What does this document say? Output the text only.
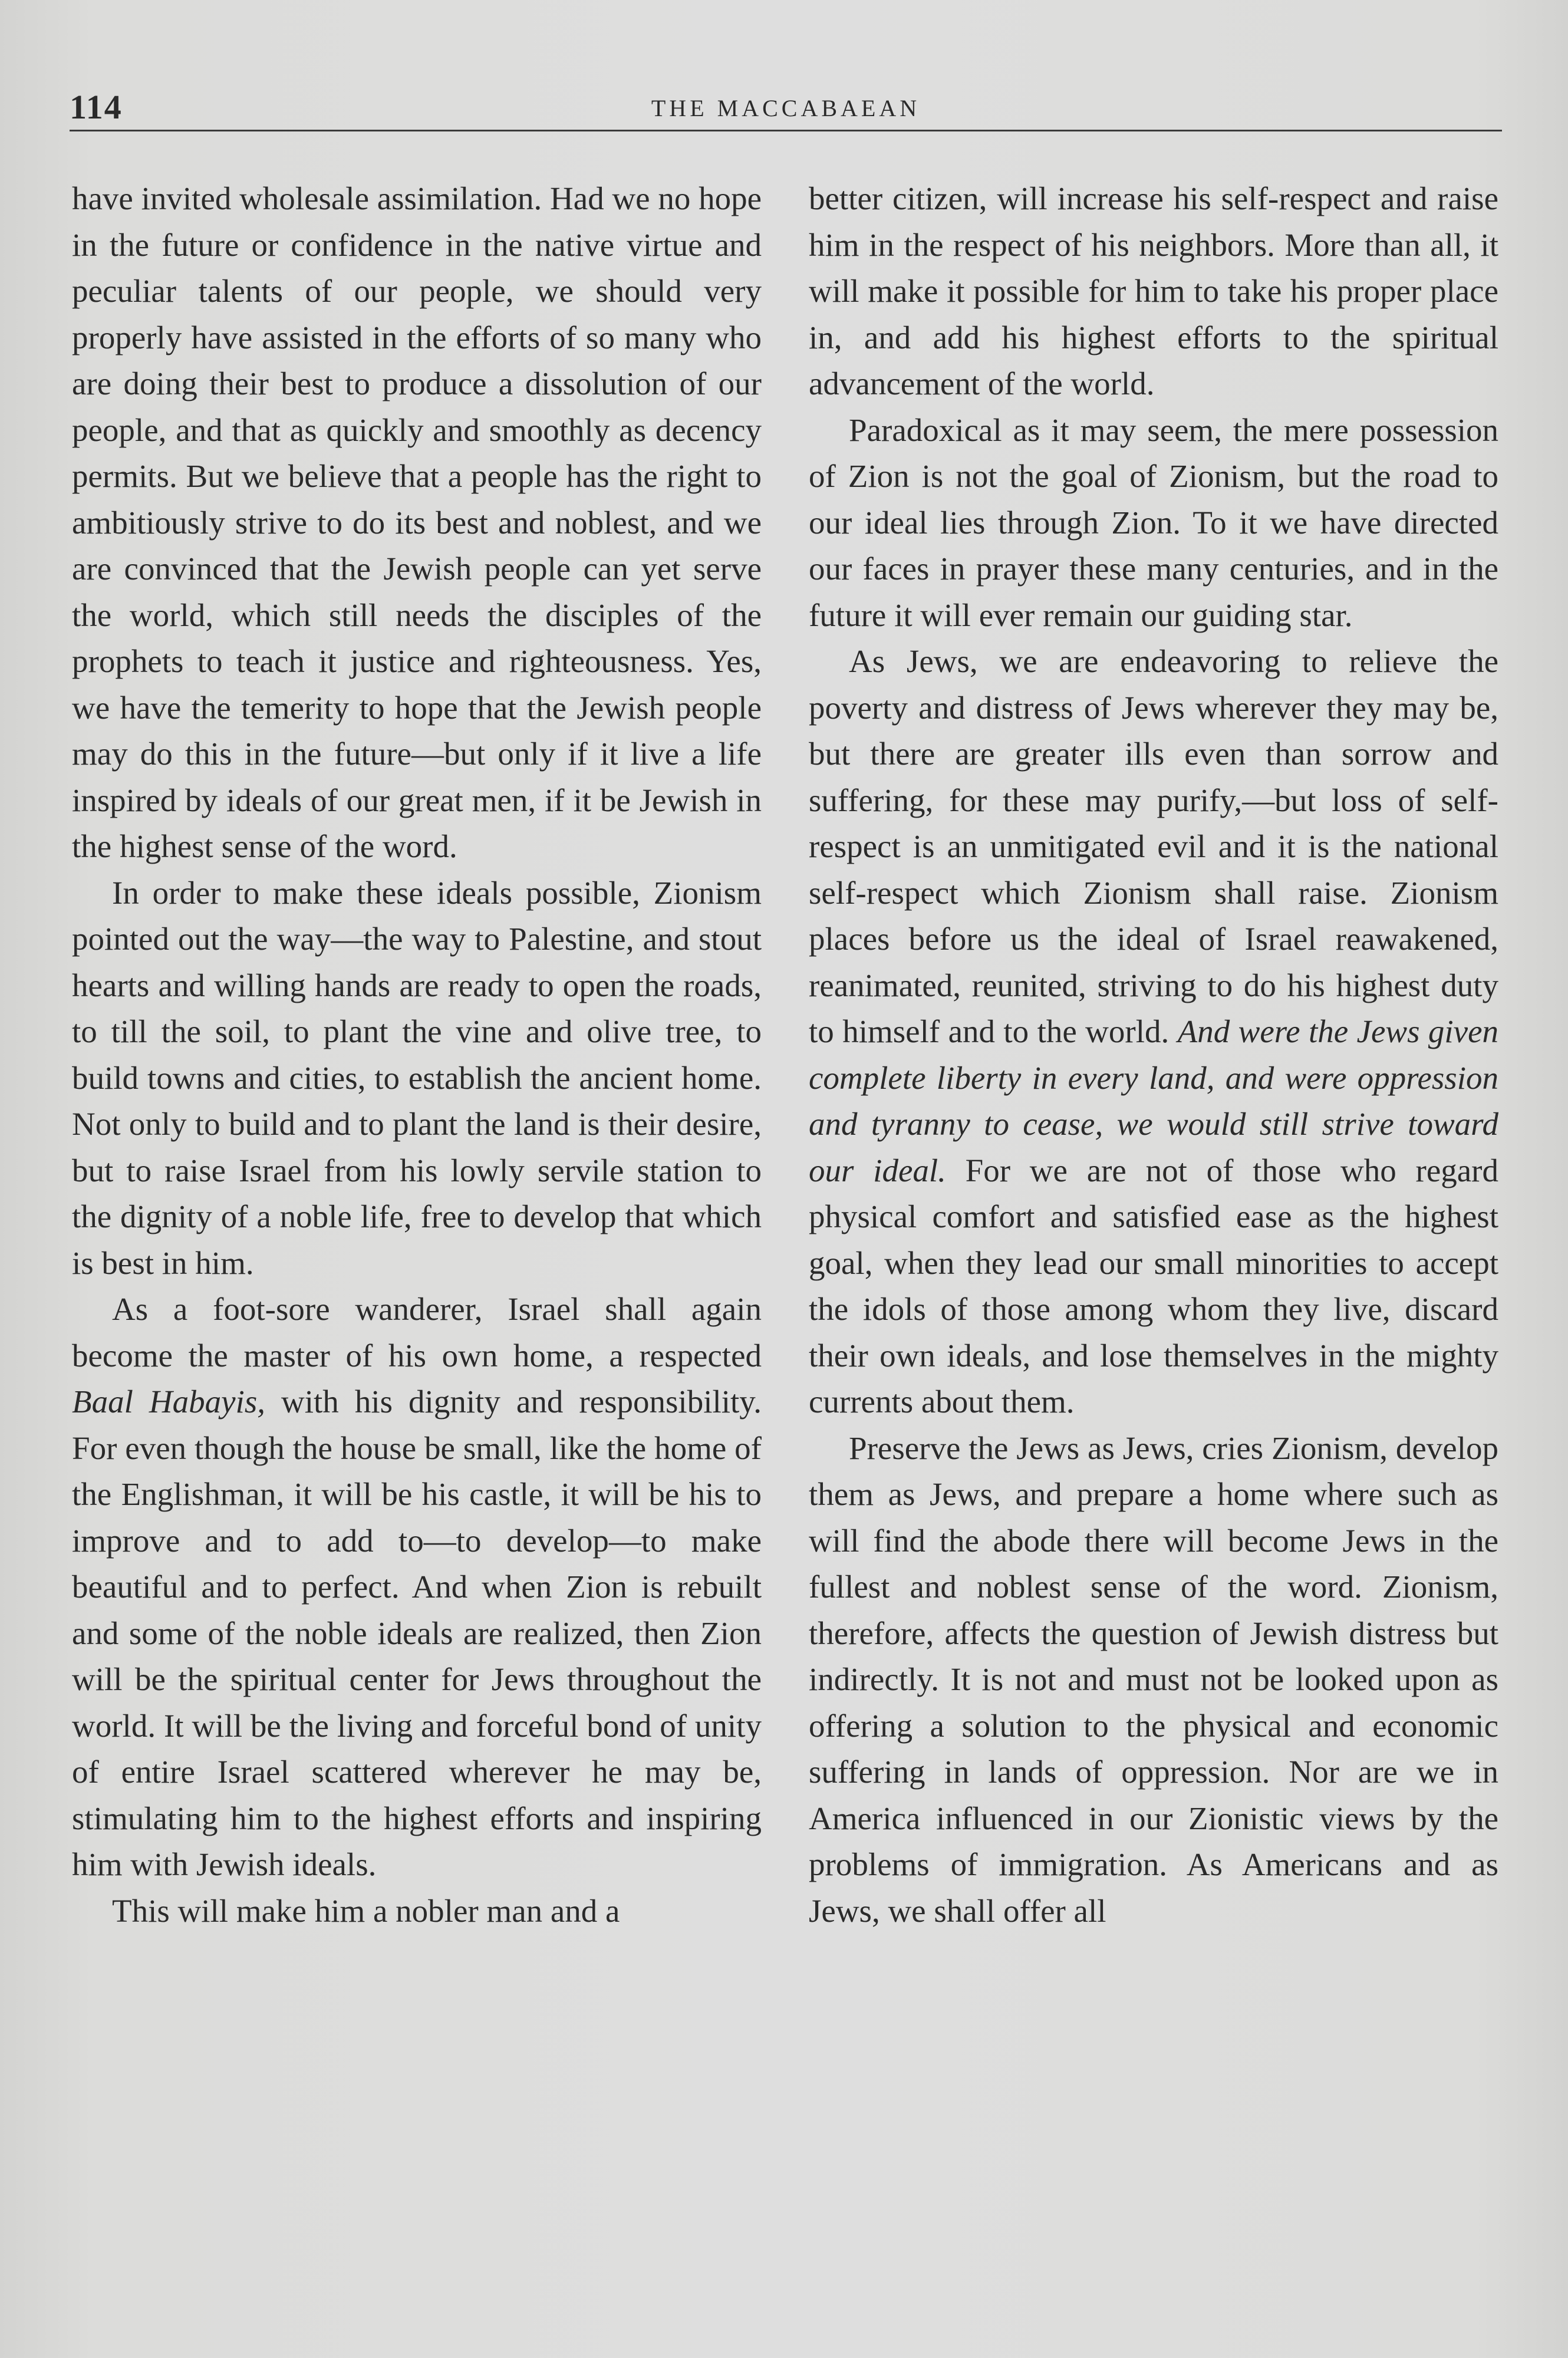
114	THE MACCABAEAN

have invited wholesale assimilation. Had we no hope in the future or confidence in the native virtue and peculiar talents of our people, we should very properly have assisted in the efforts of so many who are doing their best to produce a dissolution of our people, and that as quickly and smoothly as decency permits. But we believe that a people has the right to ambitiously strive to do its best and noblest, and we are convinced that the Jewish people can yet serve the world, which still needs the disciples of the prophets to teach it justice and righteousness. Yes, we have the temerity to hope that the Jewish people may do this in the future—but only if it live a life inspired by ideals of our great men, if it be Jewish in the highest sense of the word.

In order to make these ideals possible, Zionism pointed out the way—the way to Palestine, and stout hearts and willing hands are ready to open the roads, to till the soil, to plant the vine and olive tree, to build towns and cities, to establish the ancient home. Not only to build and to plant the land is their desire, but to raise Israel from his lowly servile station to the dignity of a noble life, free to develop that which is best in him.

As a foot-sore wanderer, Israel shall again become the master of his own home, a respected Baal Habayis, with his dignity and responsibility. For even though the house be small, like the home of the Englishman, it will be his castle, it will be his to improve and to add to—to develop—to make beautiful and to perfect. And when Zion is rebuilt and some of the noble ideals are realized, then Zion will be the spiritual center for Jews throughout the world. It will be the living and forceful bond of unity of entire Israel scattered wherever he may be, stimulating him to the highest efforts and inspiring him with Jewish ideals.

This will make him a nobler man and a

better citizen, will increase his self-respect and raise him in the respect of his neighbors. More than all, it will make it possible for him to take his proper place in, and add his highest efforts to the spiritual advancement of the world.

Paradoxical as it may seem, the mere possession of Zion is not the goal of Zionism, but the road to our ideal lies through Zion. To it we have directed our faces in prayer these many centuries, and in the future it will ever remain our guiding star.

As Jews, we are endeavoring to relieve the poverty and distress of Jews wherever they may be, but there are greater ills even than sorrow and suffering, for these may purify,—but loss of self-respect is an unmitigated evil and it is the national self-respect which Zionism shall raise. Zionism places before us the ideal of Israel reawakened, reanimated, reunited, striving to do his highest duty to himself and to the world. And were the Jews given complete liberty in every land, and were oppression and tyranny to cease, we would still strive toward our ideal. For we are not of those who regard physical comfort and satisfied ease as the highest goal, when they lead our small minorities to accept the idols of those among whom they live, discard their own ideals, and lose themselves in the mighty currents about them.

Preserve the Jews as Jews, cries Zionism, develop them as Jews, and prepare a home where such as will find the abode there will become Jews in the fullest and noblest sense of the word. Zionism, therefore, affects the question of Jewish distress but indirectly. It is not and must not be looked upon as offering a solution to the physical and economic suffering in lands of oppression. Nor are we in America influenced in our Zionistic views by the problems of immigration. As Americans and as Jews, we shall offer all
